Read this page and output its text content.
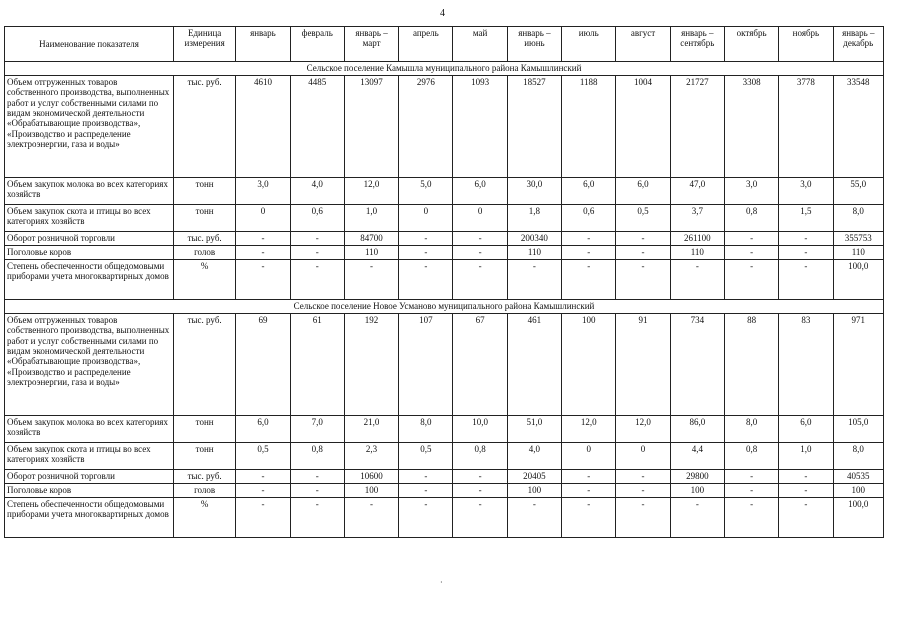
4
Наименование показателя	Единица измерения	январь	февраль	январь – март	апрель	май	январь – июнь	июль	август	январь – сентябрь	октябрь	ноябрь	январь – декабрь
Сельское поселение Камышла муниципального района Камышлинский													
Объем отгруженных товаров собственного производства, выполненных работ и услуг собственными силами по видам экономической деятельности «Обрабатывающие производства», «Производство и распределение электроэнергии, газа и воды»	тыс. руб.	4610	4485	13097	2976	1093	18527	1188	1004	21727	3308	3778	33548
Объем закупок молока во всех категориях хозяйств	тонн	3,0	4,0	12,0	5,0	6,0	30,0	6,0	6,0	47,0	3,0	3,0	55,0
Объем закупок скота и птицы во всех категориях хозяйств	тонн	0	0,6	1,0	0	0	1,8	0,6	0,5	3,7	0,8	1,5	8,0
Оборот розничной торговли	тыс. руб.	-	-	84700	-	-	200340	-	-	261100	-	-	355753
Поголовье коров	голов	-	-	110	-	-	110	-	-	110	-	-	110
Степень обеспеченности общедомовыми приборами учета многоквартирных домов	%	-	-	-	-	-	-	-	-	-	-	-	100,0
Сельское поселение Новое Усманово муниципального района Камышлинский													
Объем отгруженных товаров собственного производства, выполненных работ и услуг собственными силами по видам экономической деятельности «Обрабатывающие производства», «Производство и распределение электроэнергии, газа и воды»	тыс. руб.	69	61	192	107	67	461	100	91	734	88	83	971
Объем закупок молока во всех категориях хозяйств	тонн	6,0	7,0	21,0	8,0	10,0	51,0	12,0	12,0	86,0	8,0	6,0	105,0
Объем закупок скота и птицы во всех категориях хозяйств	тонн	0,5	0,8	2,3	0,5	0,8	4,0	0	0	4,4	0,8	1,0	8,0
Оборот розничной торговли	тыс. руб.	-	-	10600	-	-	20405	-	-	29800	-	-	40535
Поголовье коров	голов	-	-	100	-	-	100	-	-	100	-	-	100
Степень обеспеченности общедомовыми приборами учета многоквартирных домов	%	-	-	-	-	-	-	-	-	-	-	-	100,0
·
